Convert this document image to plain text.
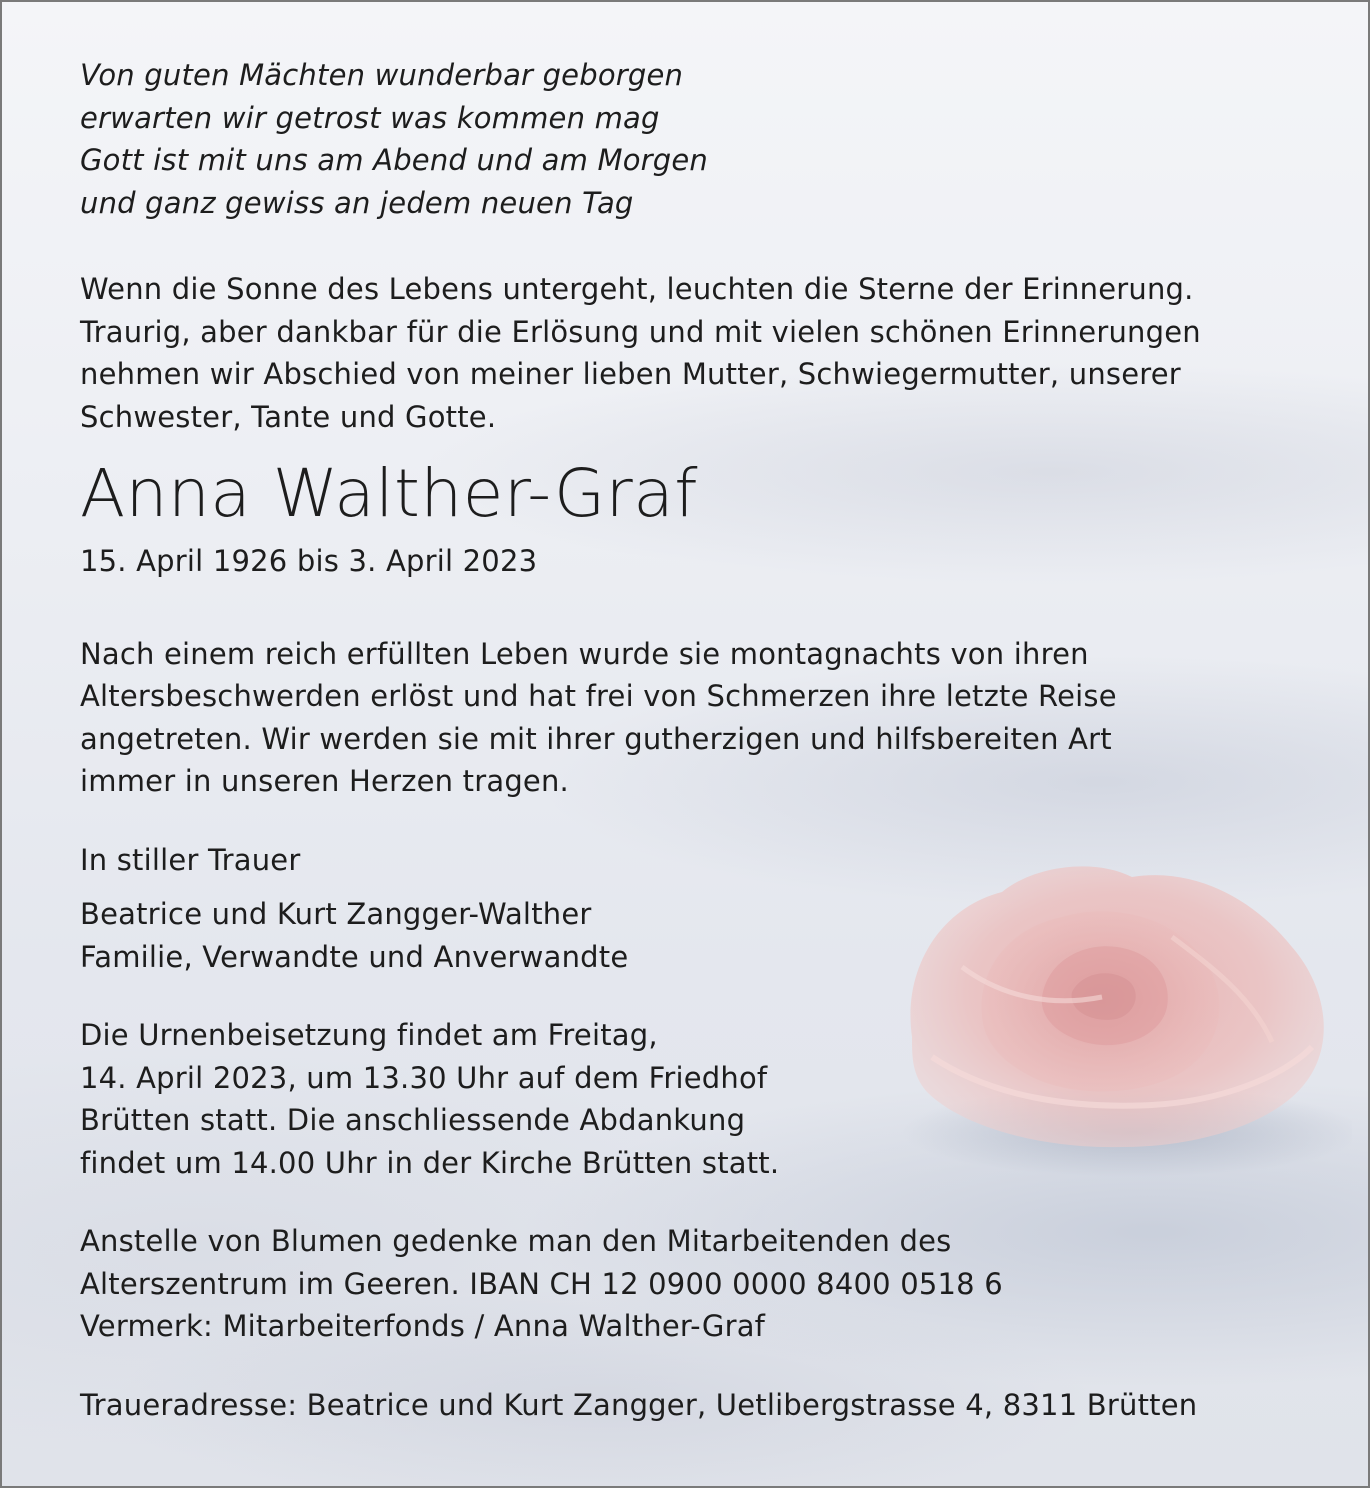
Von guten Mächten wunderbar geborgen
erwarten wir getrost was kommen mag
Gott ist mit uns am Abend und am Morgen
und ganz gewiss an jedem neuen Tag

Wenn die Sonne des Lebens untergeht, leuchten die Sterne der Erinnerung.
Traurig, aber dankbar für die Erlösung und mit vielen schönen Erinnerungen
nehmen wir Abschied von meiner lieben Mutter, Schwiegermutter, unserer
Schwester, Tante und Gotte.

Anna Walther-Graf
15. April 1926 bis 3. April 2023

Nach einem reich erfüllten Leben wurde sie montagnachts von ihren
Altersbeschwerden erlöst und hat frei von Schmerzen ihre letzte Reise
angetreten. Wir werden sie mit ihrer gutherzigen und hilfsbereiten Art
immer in unseren Herzen tragen.

In stiller Trauer

Beatrice und Kurt Zangger-Walther
Familie, Verwandte und Anverwandte

Die Urnenbeisetzung findet am Freitag,
14. April 2023, um 13.30 Uhr auf dem Friedhof
Brütten statt. Die anschliessende Abdankung
findet um 14.00 Uhr in der Kirche Brütten statt.

Anstelle von Blumen gedenke man den Mitarbeitenden des
Alterszentrum im Geeren. IBAN CH 12 0900 0000 8400 0518 6
Vermerk: Mitarbeiterfonds / Anna Walther-Graf

Traueradresse: Beatrice und Kurt Zangger, Uetlibergstrasse 4, 8311 Brütten
